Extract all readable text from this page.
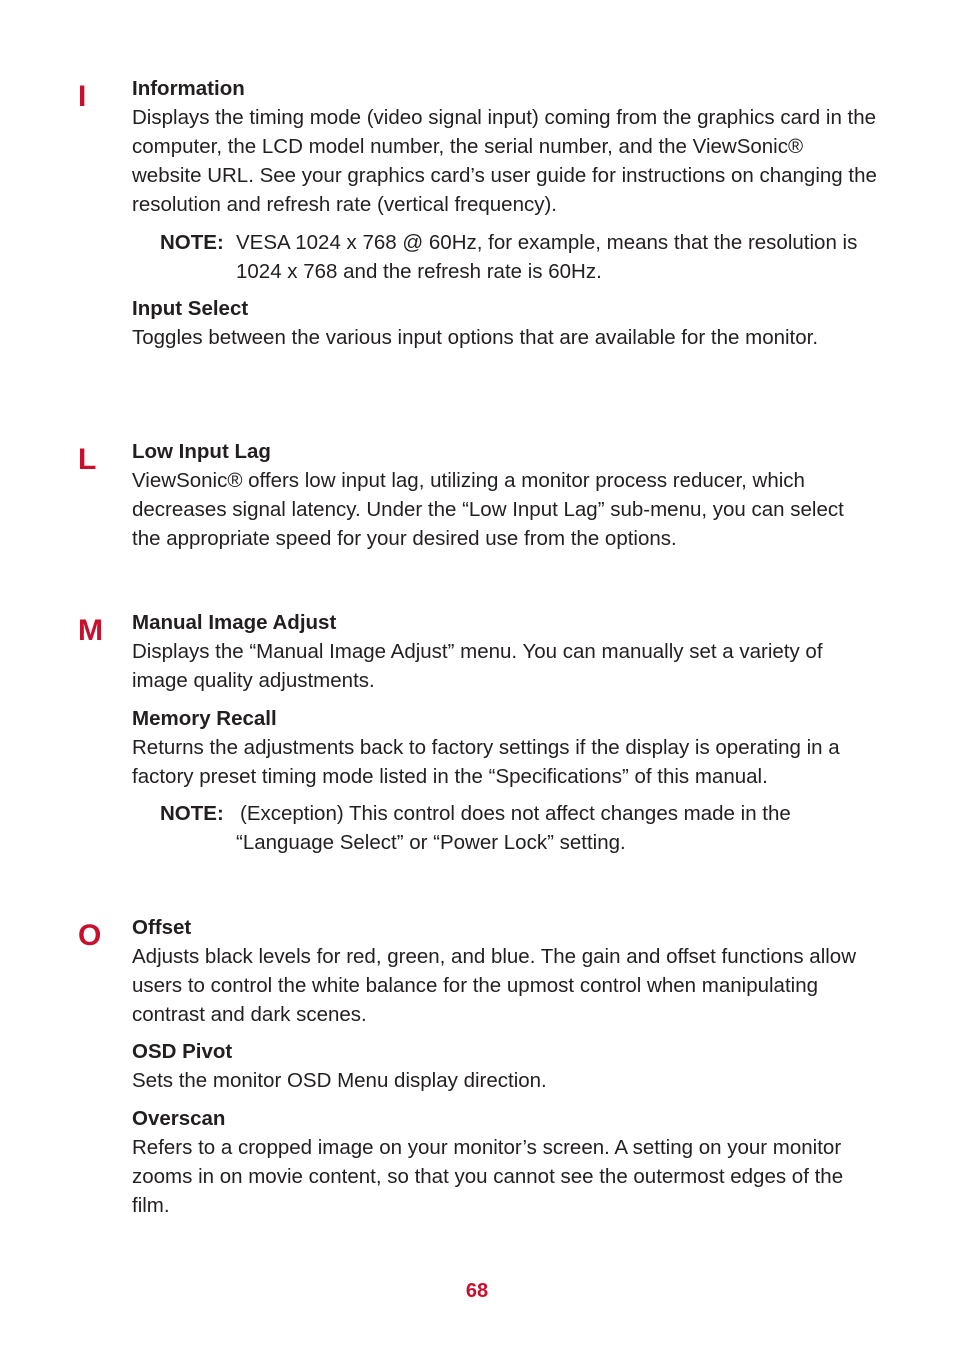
I Information

Displays the timing mode (video signal input) coming from the graphics card in the computer, the LCD model number, the serial number, and the ViewSonic® website URL. See your graphics card’s user guide for instructions on changing the resolution and refresh rate (vertical frequency).

NOTE: VESA 1024 x 768 @ 60Hz, for example, means that the resolution is 1024 x 768 and the refresh rate is 60Hz.

Input Select

Toggles between the various input options that are available for the monitor.

L Low Input Lag

ViewSonic® offers low input lag, utilizing a monitor process reducer, which decreases signal latency. Under the “Low Input Lag” sub-menu, you can select the appropriate speed for your desired use from the options.

M Manual Image Adjust

Displays the “Manual Image Adjust” menu. You can manually set a variety of image quality adjustments.

Memory Recall

Returns the adjustments back to factory settings if the display is operating in a factory preset timing mode listed in the “Specifications” of this manual.

NOTE: (Exception) This control does not affect changes made in the “Language Select” or “Power Lock” setting.

O Offset

Adjusts black levels for red, green, and blue. The gain and offset functions allow users to control the white balance for the upmost control when manipulating contrast and dark scenes.

OSD Pivot

Sets the monitor OSD Menu display direction.

Overscan

Refers to a cropped image on your monitor’s screen. A setting on your monitor zooms in on movie content, so that you cannot see the outermost edges of the film.

68
